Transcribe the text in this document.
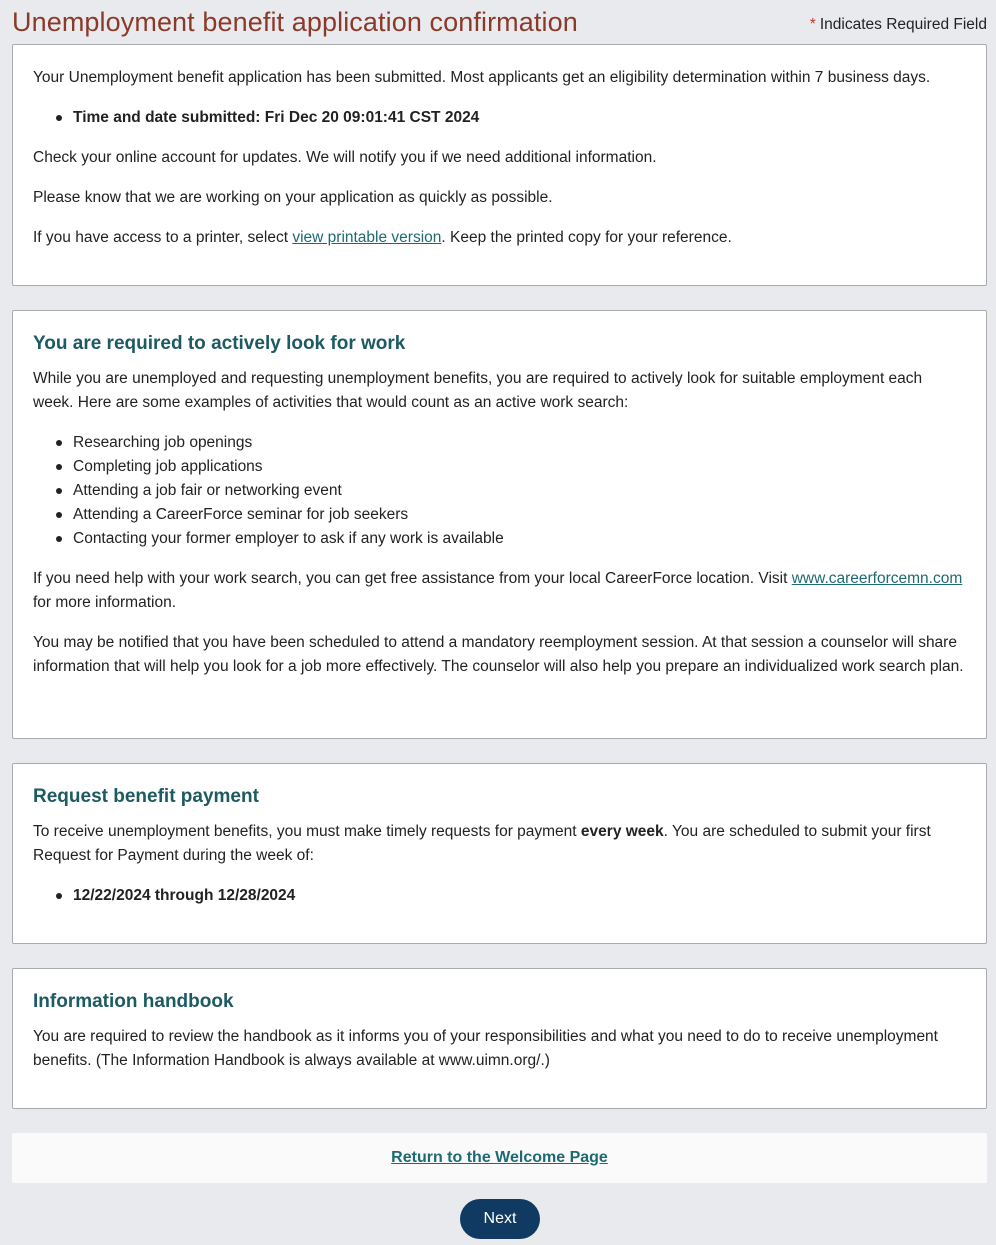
Unemployment benefit application confirmation	* Indicates Required Field

Your Unemployment benefit application has been submitted. Most applicants get an eligibility determination within 7 business days.

Time and date submitted: Fri Dec 20 09:01:41 CST 2024

Check your online account for updates. We will notify you if we need additional information.

Please know that we are working on your application as quickly as possible.

If you have access to a printer, select view printable version. Keep the printed copy for your reference.

You are required to actively look for work

While you are unemployed and requesting unemployment benefits, you are required to actively look for suitable employment each week. Here are some examples of activities that would count as an active work search:

Researching job openings
Completing job applications
Attending a job fair or networking event
Attending a CareerForce seminar for job seekers
Contacting your former employer to ask if any work is available

If you need help with your work search, you can get free assistance from your local CareerForce location. Visit www.careerforcemn.com for more information.

You may be notified that you have been scheduled to attend a mandatory reemployment session. At that session a counselor will share information that will help you look for a job more effectively. The counselor will also help you prepare an individualized work search plan.

Request benefit payment

To receive unemployment benefits, you must make timely requests for payment every week. You are scheduled to submit your first Request for Payment during the week of:

12/22/2024 through 12/28/2024
Information handbook

You are required to review the handbook as it informs you of your responsibilities and what you need to do to receive unemployment benefits. (The Information Handbook is always available at www.uimn.org/.)

Return to the Welcome Page
Next
